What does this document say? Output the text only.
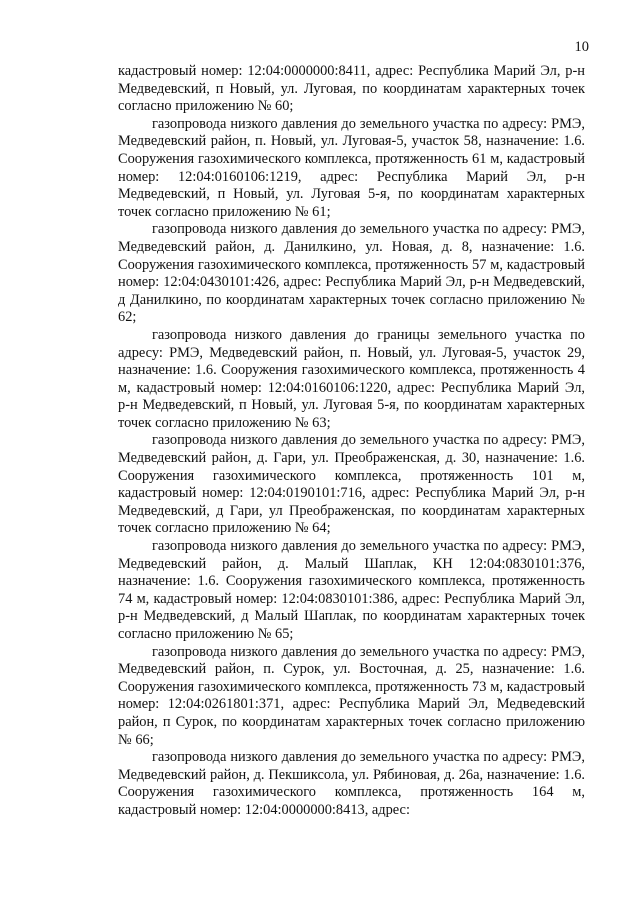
10

кадастровый номер: 12:04:0000000:8411, адрес: Республика Марий Эл, р-н Медведевский, п Новый, ул. Луговая, по координатам характерных точек согласно приложению № 60;

газопровода низкого давления до земельного участка по адресу: РМЭ, Медведевский район, п. Новый, ул. Луговая-5, участок 58, назначение: 1.6. Сооружения газохимического комплекса, протяженность 61 м, кадастровый номер: 12:04:0160106:1219, адрес: Республика Марий Эл, р-н Медведевский, п Новый, ул. Луговая 5-я, по координатам характерных точек согласно приложению № 61;

газопровода низкого давления до земельного участка по адресу: РМЭ, Медведевский район, д. Данилкино, ул. Новая, д. 8, назначение: 1.6. Сооружения газохимического комплекса, протяженность 57 м, кадастровый номер: 12:04:0430101:426, адрес: Республика Марий Эл, р-н Медведевский, д Данилкино, по координатам характерных точек согласно приложению № 62;

газопровода низкого давления до границы земельного участка по адресу: РМЭ, Медведевский район, п. Новый, ул. Луговая-5, участок 29, назначение: 1.6. Сооружения газохимического комплекса, протяженность 4 м, кадастровый номер: 12:04:0160106:1220, адрес: Республика Марий Эл, р-н Медведевский, п Новый, ул. Луговая 5-я, по координатам характерных точек согласно приложению № 63;

газопровода низкого давления до земельного участка по адресу: РМЭ, Медведевский район, д. Гари, ул. Преображенская, д. 30, назначение: 1.6. Сооружения газохимического комплекса, протяженность 101 м, кадастровый номер: 12:04:0190101:716, адрес: Республика Марий Эл, р-н Медведевский, д Гари, ул Преображенская, по координатам характерных точек согласно приложению № 64;

газопровода низкого давления до земельного участка по адресу: РМЭ, Медведевский район, д. Малый Шаплак, КН 12:04:0830101:376, назначение: 1.6. Сооружения газохимического комплекса, протяженность 74 м, кадастровый номер: 12:04:0830101:386, адрес: Республика Марий Эл, р-н Медведевский, д Малый Шаплак, по координатам характерных точек согласно приложению № 65;

газопровода низкого давления до земельного участка по адресу: РМЭ, Медведевский район, п. Сурок, ул. Восточная, д. 25, назначение: 1.6. Сооружения газохимического комплекса, протяженность 73 м, кадастровый номер: 12:04:0261801:371, адрес: Республика Марий Эл, Медведевский район, п Сурок, по координатам характерных точек согласно приложению № 66;

газопровода низкого давления до земельного участка по адресу: РМЭ, Медведевский район, д. Пекшиксола, ул. Рябиновая, д. 26а, назначение: 1.6. Сооружения газохимического комплекса, протяженность 164 м, кадастровый номер: 12:04:0000000:8413, адрес:
